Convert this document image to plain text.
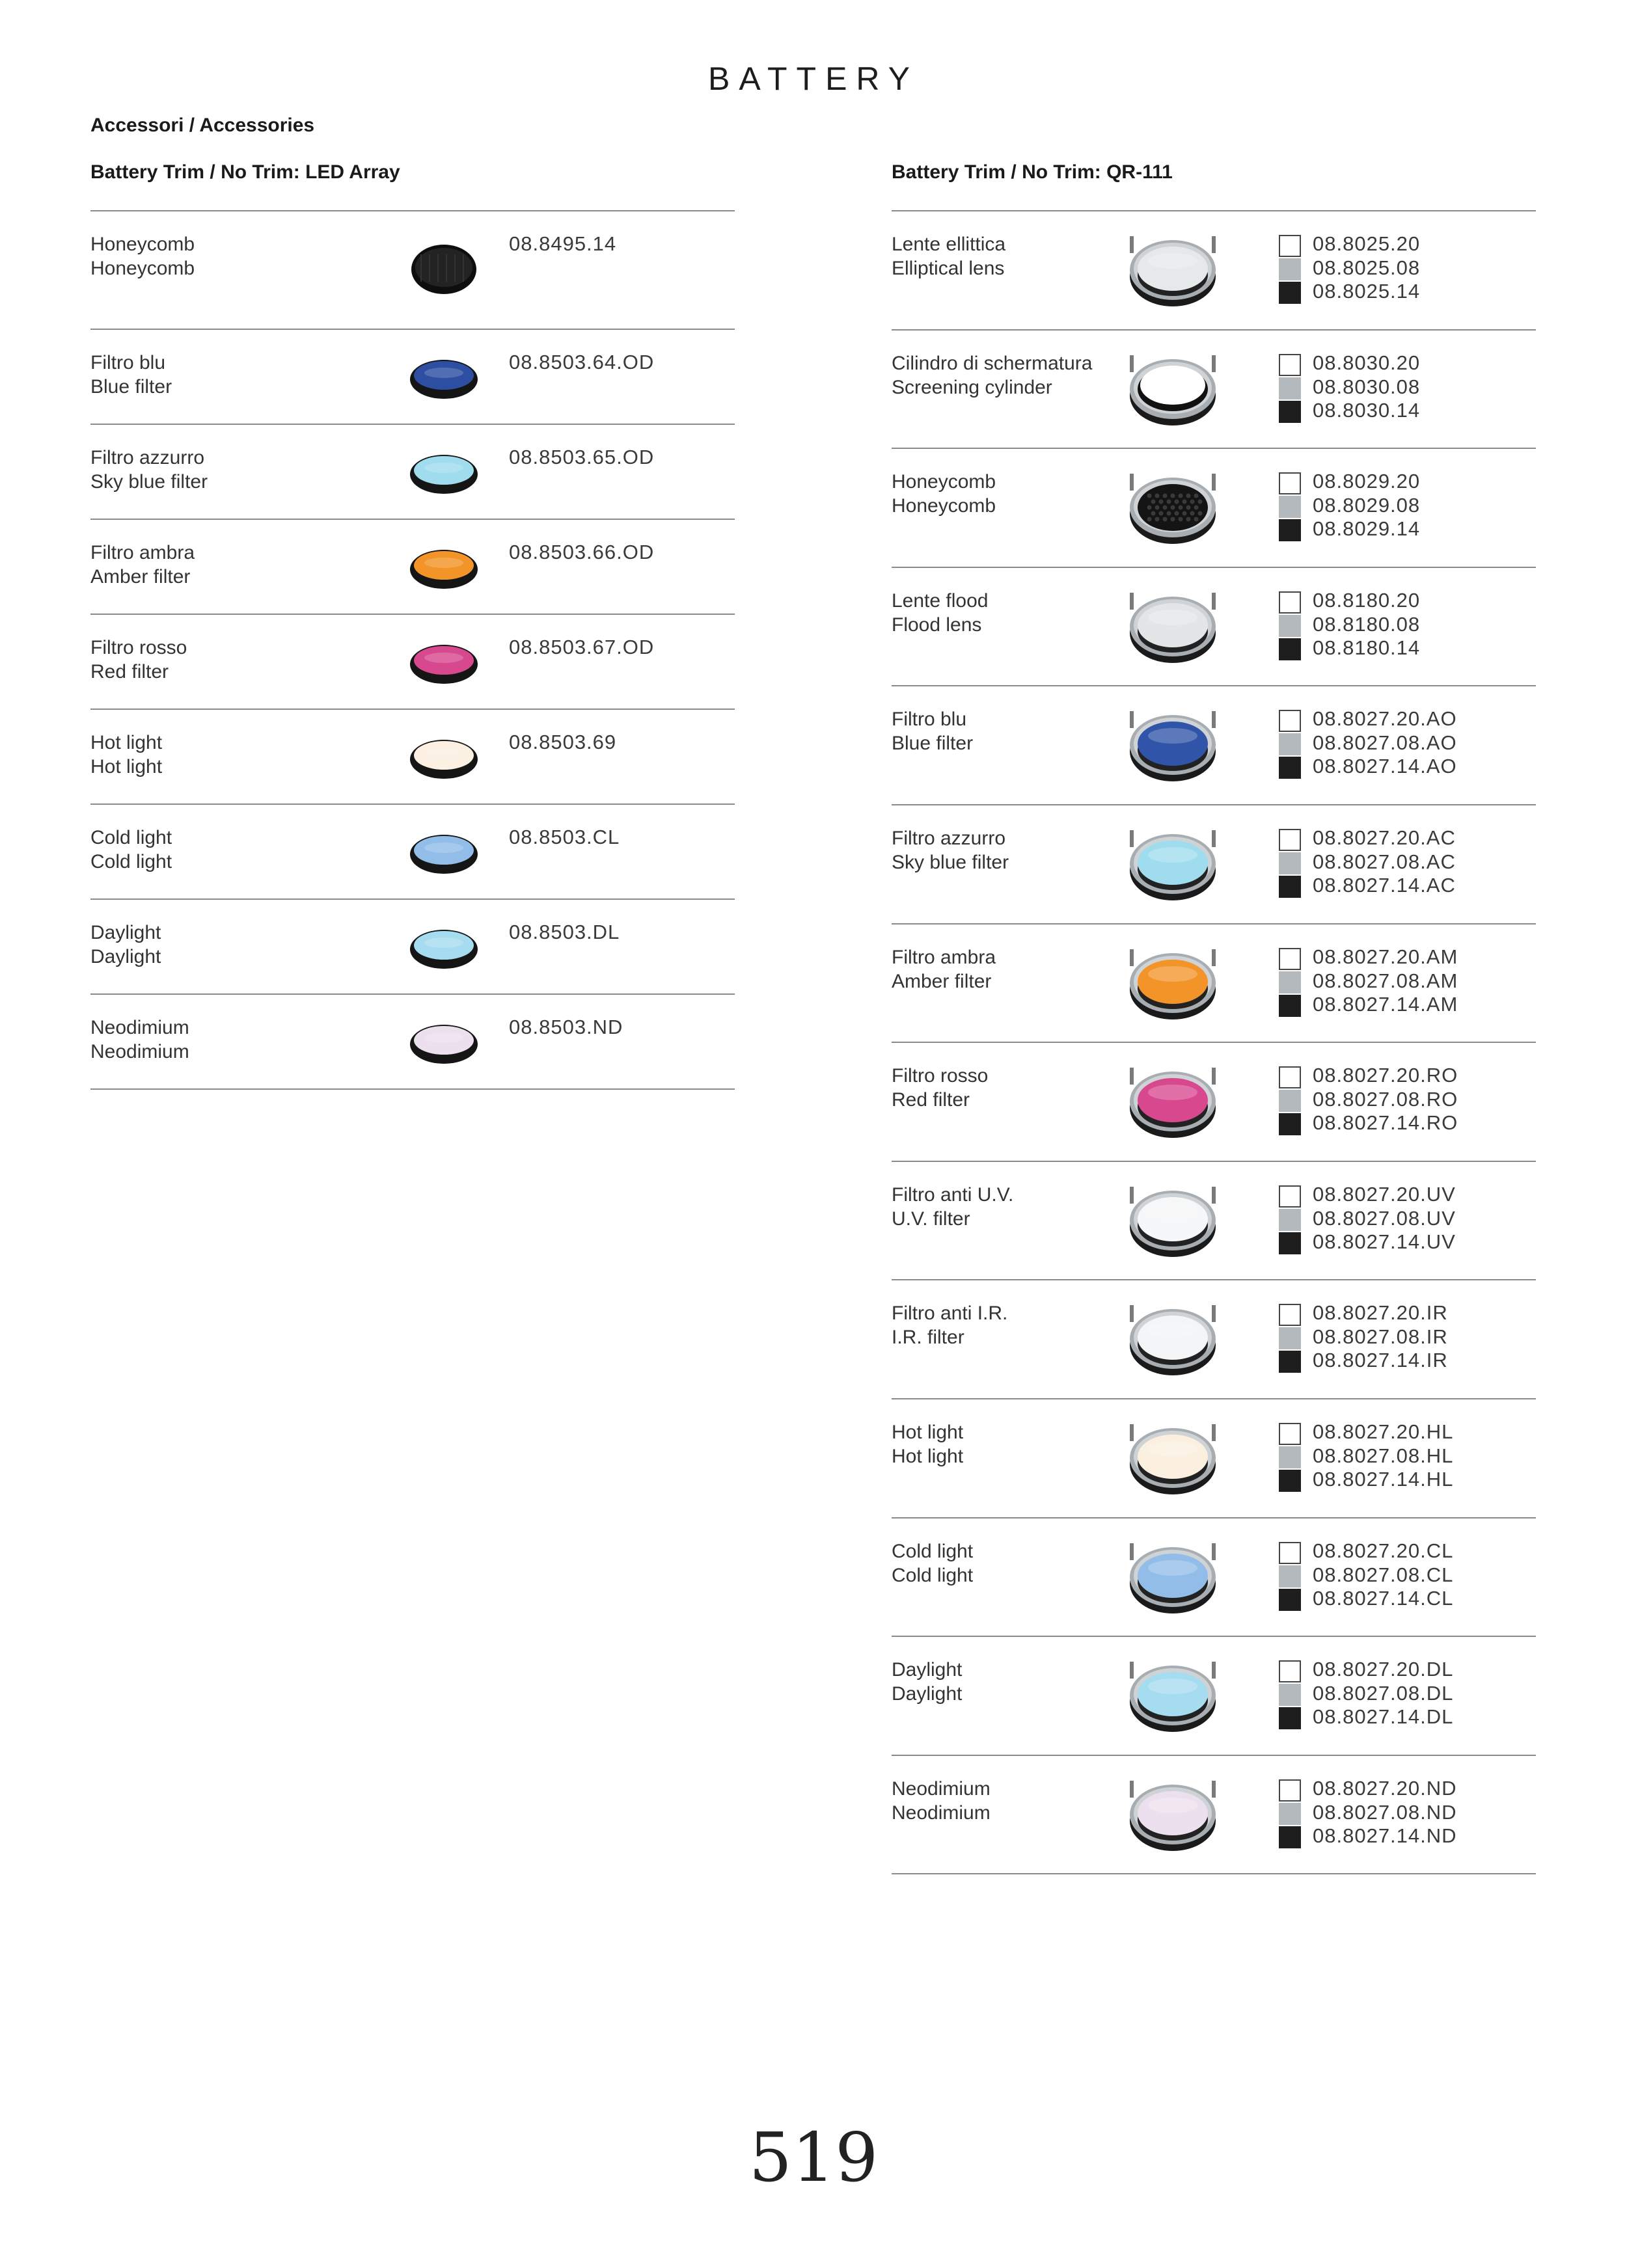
BATTERY
Accessori / Accessories
Battery Trim / No Trim: LED Array	Battery Trim / No Trim: QR-111
Honeycomb
Honeycomb
08.8495.14
Filtro blu
Blue filter
08.8503.64.OD
Filtro azzurro
Sky blue filter
08.8503.65.OD
Filtro ambra
Amber filter
08.8503.66.OD
Filtro rosso
Red filter
08.8503.67.OD
Hot light
Hot light
08.8503.69
Cold light
Cold light
08.8503.CL
Daylight
Daylight
08.8503.DL
Neodimium
Neodimium
08.8503.ND
Lente ellittica
Elliptical lens
08.8025.20
08.8025.08
08.8025.14
Cilindro di schermatura
Screening cylinder
08.8030.20
08.8030.08
08.8030.14
Honeycomb
Honeycomb
08.8029.20
08.8029.08
08.8029.14
Lente flood
Flood lens
08.8180.20
08.8180.08
08.8180.14
Filtro blu
Blue filter
08.8027.20.AO
08.8027.08.AO
08.8027.14.AO
Filtro azzurro
Sky blue filter
08.8027.20.AC
08.8027.08.AC
08.8027.14.AC
Filtro ambra
Amber filter
08.8027.20.AM
08.8027.08.AM
08.8027.14.AM
Filtro rosso
Red filter
08.8027.20.RO
08.8027.08.RO
08.8027.14.RO
Filtro anti U.V.
U.V. filter
08.8027.20.UV
08.8027.08.UV
08.8027.14.UV
Filtro anti I.R.
I.R. filter
08.8027.20.IR
08.8027.08.IR
08.8027.14.IR
Hot light
Hot light
08.8027.20.HL
08.8027.08.HL
08.8027.14.HL
Cold light
Cold light
08.8027.20.CL
08.8027.08.CL
08.8027.14.CL
Daylight
Daylight
08.8027.20.DL
08.8027.08.DL
08.8027.14.DL
Neodimium
Neodimium
08.8027.20.ND
08.8027.08.ND
08.8027.14.ND
519
